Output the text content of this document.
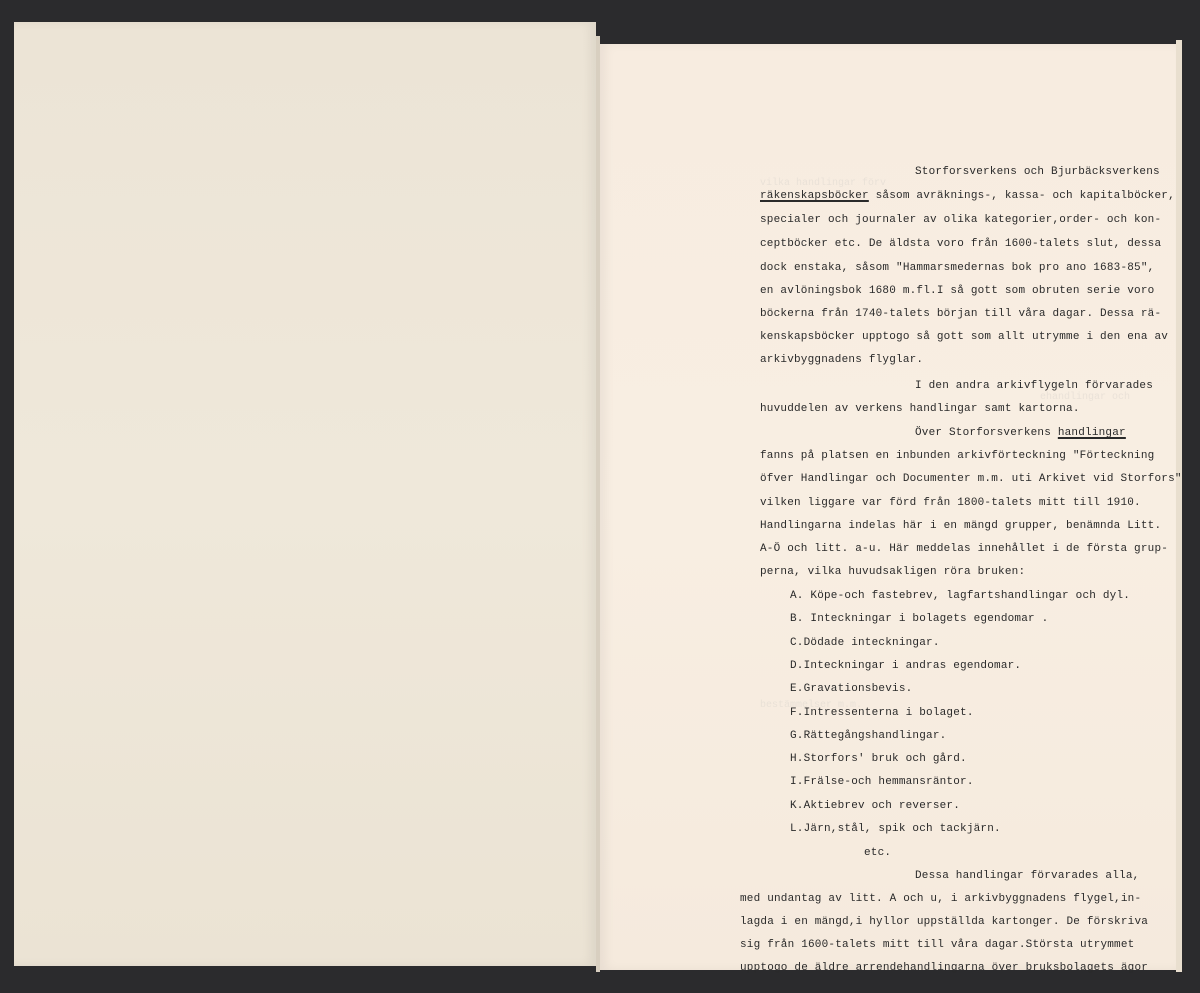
vilka handlingar förv
ehandlingar och
bestämmelser m.m.

Storforsverkens och Bjurbäcksverkens

räkenskapsböcker såsom avräknings-, kassa- och kapitalböcker,

specialer och journaler av olika kategorier,order- och kon-

ceptböcker etc. De äldsta voro från 1600-talets slut, dessa

dock enstaka, såsom "Hammarsmedernas bok pro ano 1683-85",

en avlöningsbok 1680 m.fl.I så gott som obruten serie voro

böckerna från 1740-talets början till våra dagar. Dessa rä-

kenskapsböcker upptogo så gott som allt utrymme i den ena av

arkivbyggnadens flyglar.

I den andra arkivflygeln förvarades

huvuddelen av verkens handlingar samt kartorna.

Över Storforsverkens handlingar

fanns på platsen en inbunden arkivförteckning "Förteckning

öfver Handlingar och Documenter m.m. uti Arkivet vid Storfors"

vilken liggare var förd från 1800-talets mitt till 1910.

Handlingarna indelas här i en mängd grupper, benämnda Litt.

A-Ö och litt. a-u. Här meddelas innehållet i de första grup-

perna, vilka huvudsakligen röra bruken:

A. Köpe-och fastebrev, lagfartshandlingar och dyl.

B. Inteckningar i bolagets egendomar .

C.Dödade inteckningar.

D.Inteckningar i andras egendomar.

E.Gravationsbevis.

F.Intressenterna i bolaget.

G.Rättegångshandlingar.

H.Storfors' bruk och gård.

I.Frälse-och hemmansräntor.

K.Aktiebrev och reverser.

L.Järn,stål, spik och tackjärn.

etc.

Dessa handlingar förvarades alla,

med undantag av litt. A och u, i arkivbyggnadens flygel,in-

lagda i en mängd,i hyllor uppställda kartonger. De förskriva

sig från 1600-talets mitt till våra dagar.Största utrymmet

upptogo de äldre arrendehandlingarna över bruksbolagets ägor
